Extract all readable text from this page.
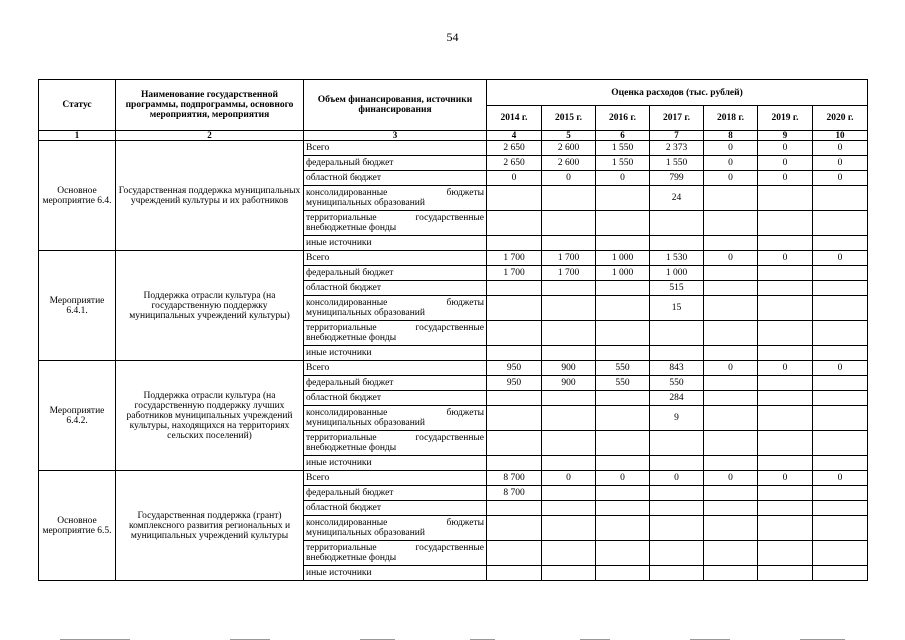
54
Статус	Наименование государственной программы, подпрограммы, основного мероприятия, мероприятия	Объем финансирования, источники финансирования	Оценка расходов (тыс. рублей)						
			2014 г.	2015 г.	2016 г.	2017 г.	2018 г.	2019 г.	2020 г.
1	2	3	4	5	6	7	8	9	10
Основное мероприятие 6.4.	Государственная поддержка муниципальных учреждений культуры и их работников	Всего	2 650	2 600	1 550	2 373	0	0	0
		федеральный бюджет	2 650	2 600	1 550	1 550	0	0	0
		областной бюджет	0	0	0	799	0	0	0
		консолидированные бюджеты муниципальных образований				24			
		территориальные государственные внебюджетные фонды							
		иные источники							
Мероприятие 6.4.1.	Поддержка отрасли культура (на государственную поддержку муниципальных учреждений культуры)	Всего	1 700	1 700	1 000	1 530	0	0	0
		федеральный бюджет	1 700	1 700	1 000	1 000			
		областной бюджет				515			
		консолидированные бюджеты муниципальных образований				15			
		территориальные государственные внебюджетные фонды							
		иные источники							
Мероприятие 6.4.2.	Поддержка отрасли культура (на государственную поддержку лучших работников муниципальных учреждений культуры, находящихся на территориях сельских поселений)	Всего	950	900	550	843	0	0	0
		федеральный бюджет	950	900	550	550			
		областной бюджет				284			
		консолидированные бюджеты муниципальных образований				9			
		территориальные государственные внебюджетные фонды							
		иные источники							
Основное мероприятие 6.5.	Государственная поддержка (грант) комплексного развития региональных и муниципальных учреждений культуры	Всего	8 700	0	0	0	0	0	0
		федеральный бюджет	8 700						
		областной бюджет							
		консолидированные бюджеты муниципальных образований							
		территориальные государственные внебюджетные фонды							
		иные источники							
